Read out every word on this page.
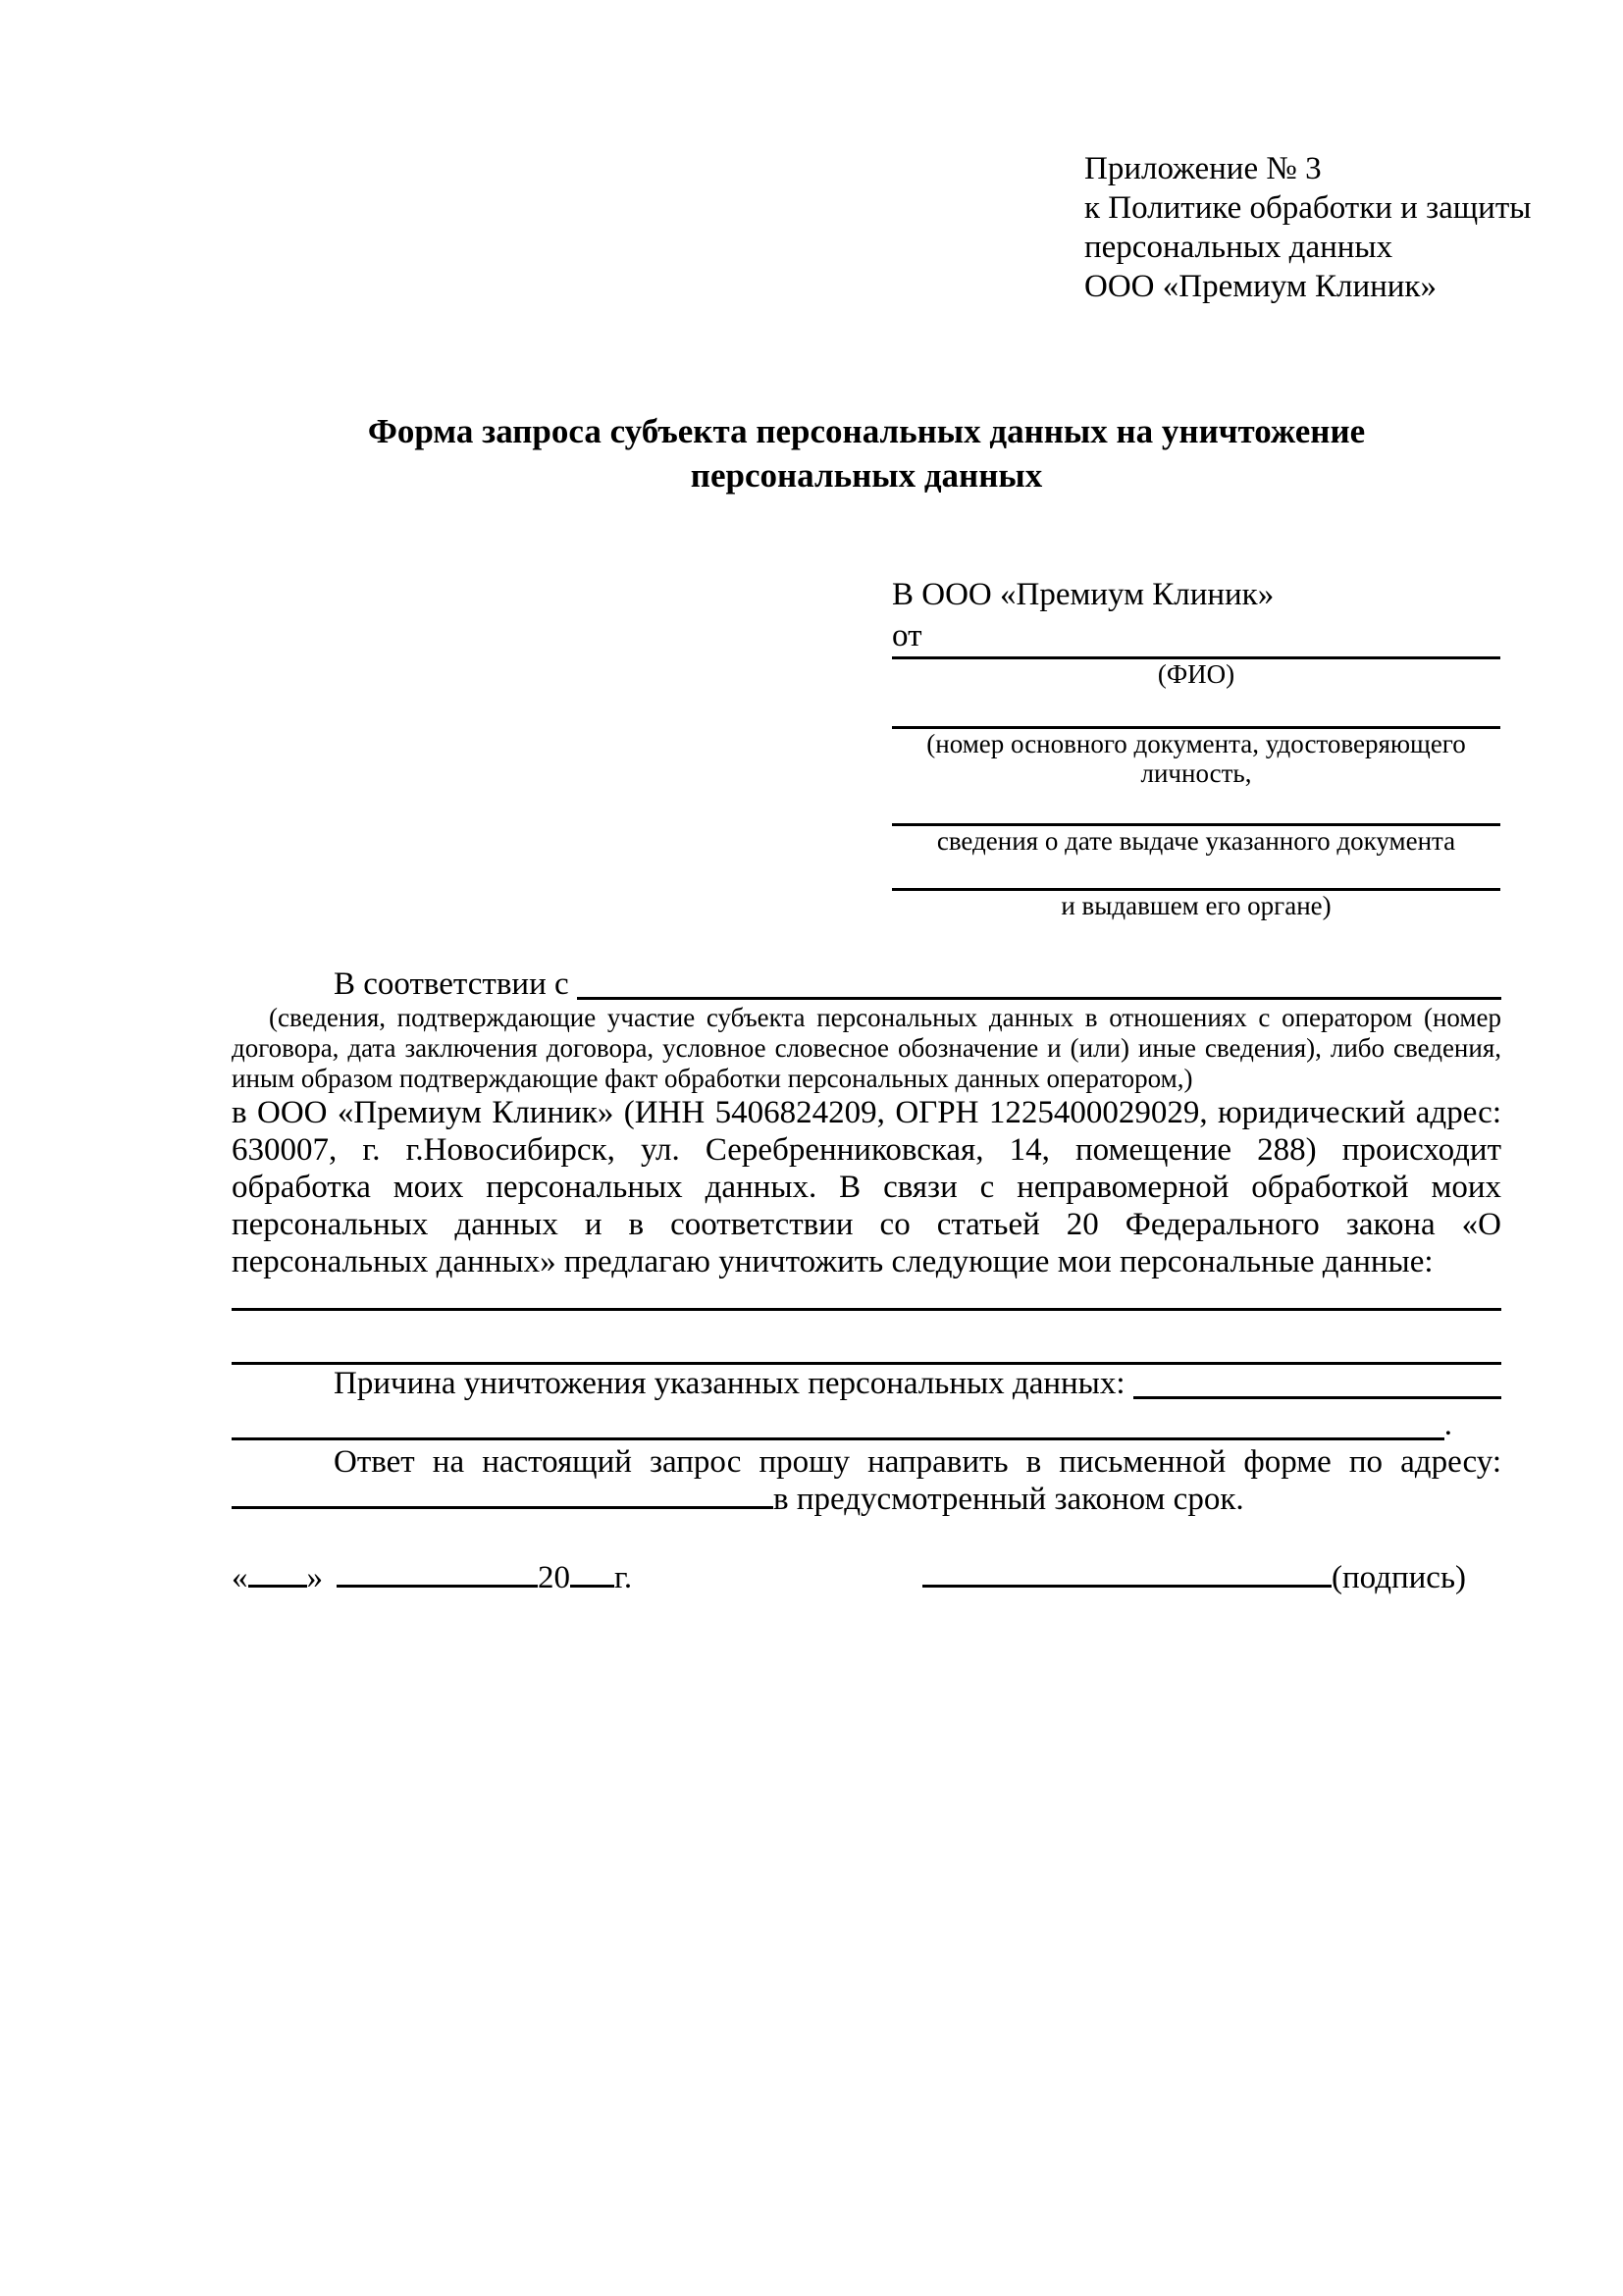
Приложение № 3
к Политике обработки и защиты
персональных данных
ООО «Премиум Клиник»
Форма запроса субъекта персональных данных на уничтожение
персональных данных
В ООО «Премиум Клиник»
от
(ФИО)
(номер основного документа, удостоверяющего личность,
сведения о дате выдаче указанного документа
и выдавшем его органе)
В соответствии с
(сведения, подтверждающие участие субъекта персональных данных в отношениях с оператором (номер договора, дата заключения договора, условное словесное обозначение и (или) иные сведения), либо сведения, иным образом подтверждающие факт обработки персональных данных оператором,)
в ООО «Премиум Клиник» (ИНН 5406824209, ОГРН 1225400029029, юридический адрес: 630007, г. г.Новосибирск, ул. Серебренниковская, 14, помещение 288) происходит обработка моих персональных данных. В связи с неправомерной обработкой моих персональных данных и в соответствии со статьей 20 Федерального закона «О персональных данных» предлагаю уничтожить следующие мои персональные данные:
Причина уничтожения указанных персональных данных:
.
Ответ на настоящий запрос прошу направить в письменной форме по адресу:
в предусмотренный законом срок.
« »	20 г.	(подпись)
